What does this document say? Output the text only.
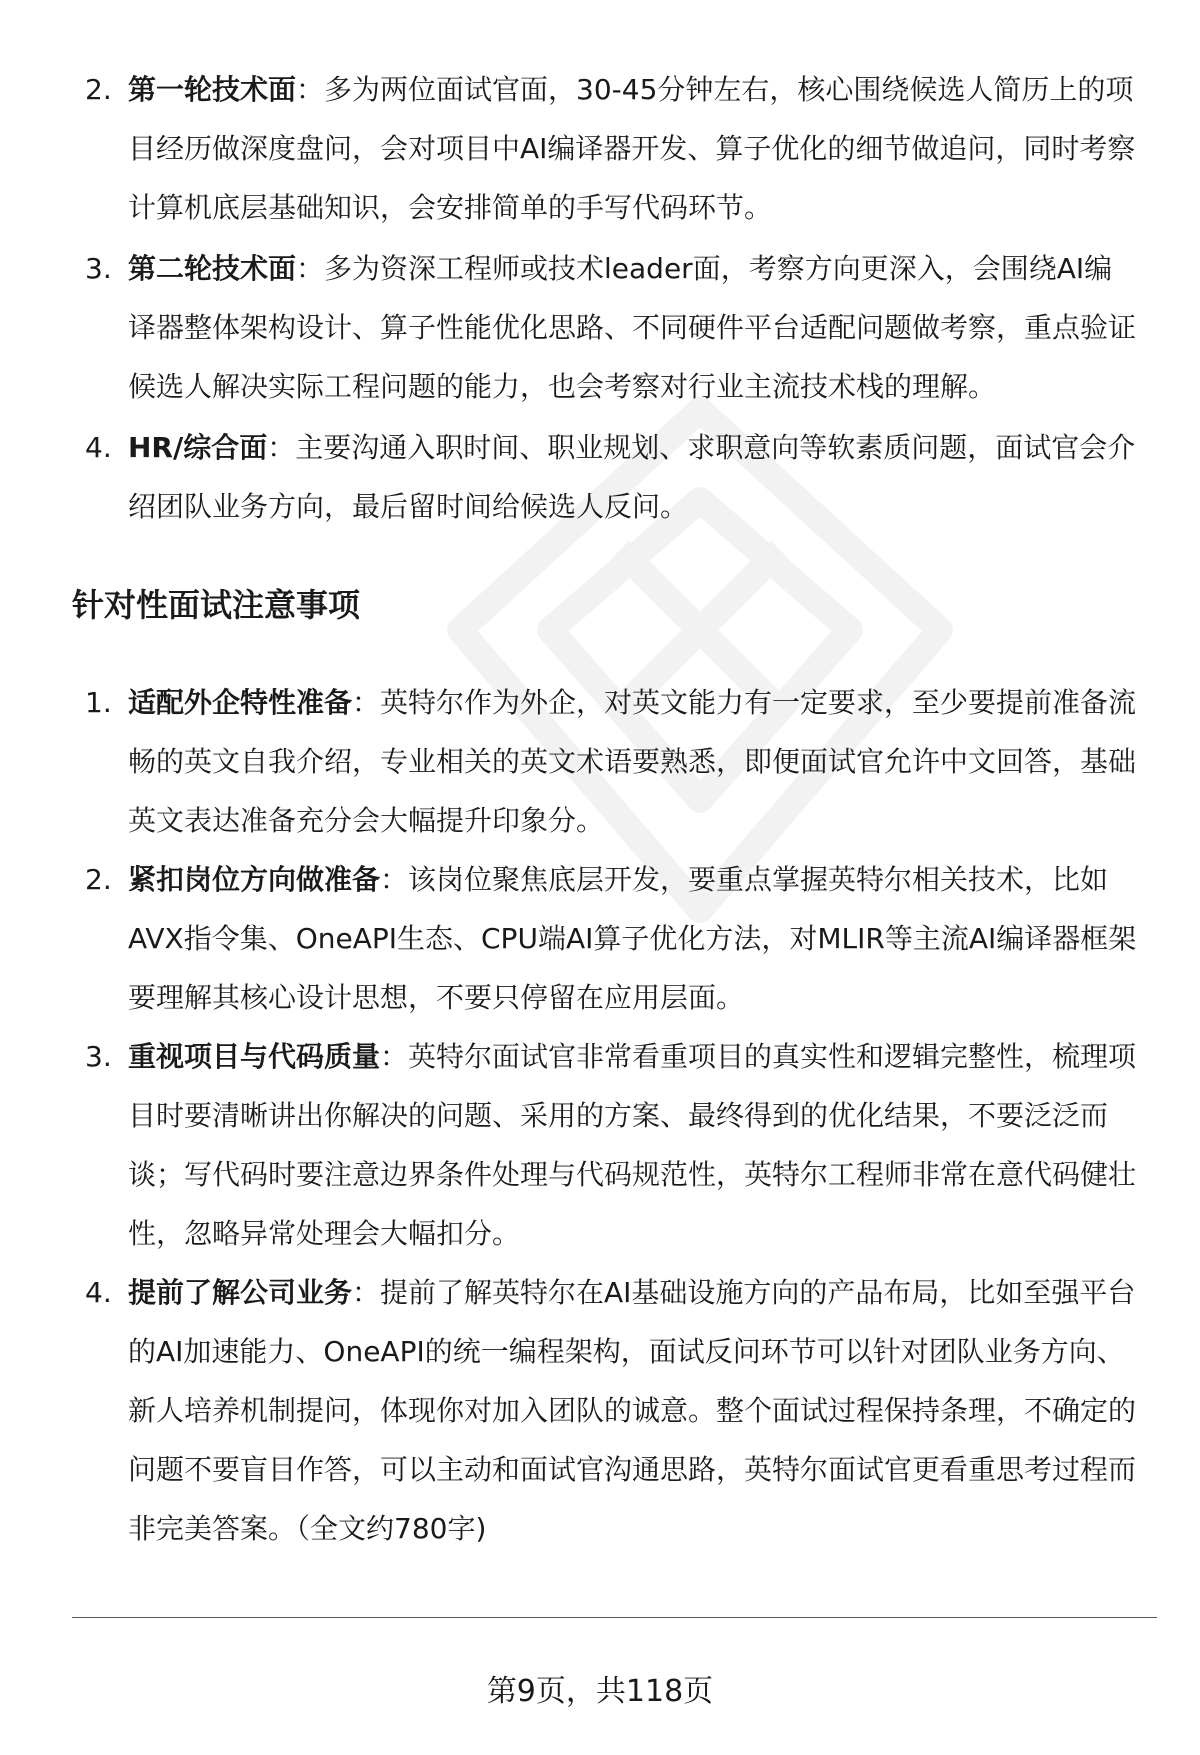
2. 第一轮技术面：多为两位面试官面，30-45分钟左右，核心围绕候选人简历上的项目经历做深度盘问，会对项目中AI编译器开发、算子优化的细节做追问，同时考察计算机底层基础知识，会安排简单的手写代码环节。
3. 第二轮技术面：多为资深工程师或技术leader面，考察方向更深入，会围绕AI编译器整体架构设计、算子性能优化思路、不同硬件平台适配问题做考察，重点验证候选人解决实际工程问题的能力，也会考察对行业主流技术栈的理解。
4. HR/综合面：主要沟通入职时间、职业规划、求职意向等软素质问题，面试官会介绍团队业务方向，最后留时间给候选人反问。
针对性面试注意事项
1. 适配外企特性准备：英特尔作为外企，对英文能力有一定要求，至少要提前准备流畅的英文自我介绍，专业相关的英文术语要熟悉，即便面试官允许中文回答，基础英文表达准备充分会大幅提升印象分。
2. 紧扣岗位方向做准备：该岗位聚焦底层开发，要重点掌握英特尔相关技术，比如AVX指令集、OneAPI生态、CPU端AI算子优化方法，对MLIR等主流AI编译器框架要理解其核心设计思想，不要只停留在应用层面。
3. 重视项目与代码质量：英特尔面试官非常看重项目的真实性和逻辑完整性，梳理项目时要清晰讲出你解决的问题、采用的方案、最终得到的优化结果，不要泛泛而谈；写代码时要注意边界条件处理与代码规范性，英特尔工程师非常在意代码健壮性，忽略异常处理会大幅扣分。
4. 提前了解公司业务：提前了解英特尔在AI基础设施方向的产品布局，比如至强平台的AI加速能力、OneAPI的统一编程架构，面试反问环节可以针对团队业务方向、新人培养机制提问，体现你对加入团队的诚意。整个面试过程保持条理，不确定的问题不要盲目作答，可以主动和面试官沟通思路，英特尔面试官更看重思考过程而非完美答案。（全文约780字)
第9页，共118页
